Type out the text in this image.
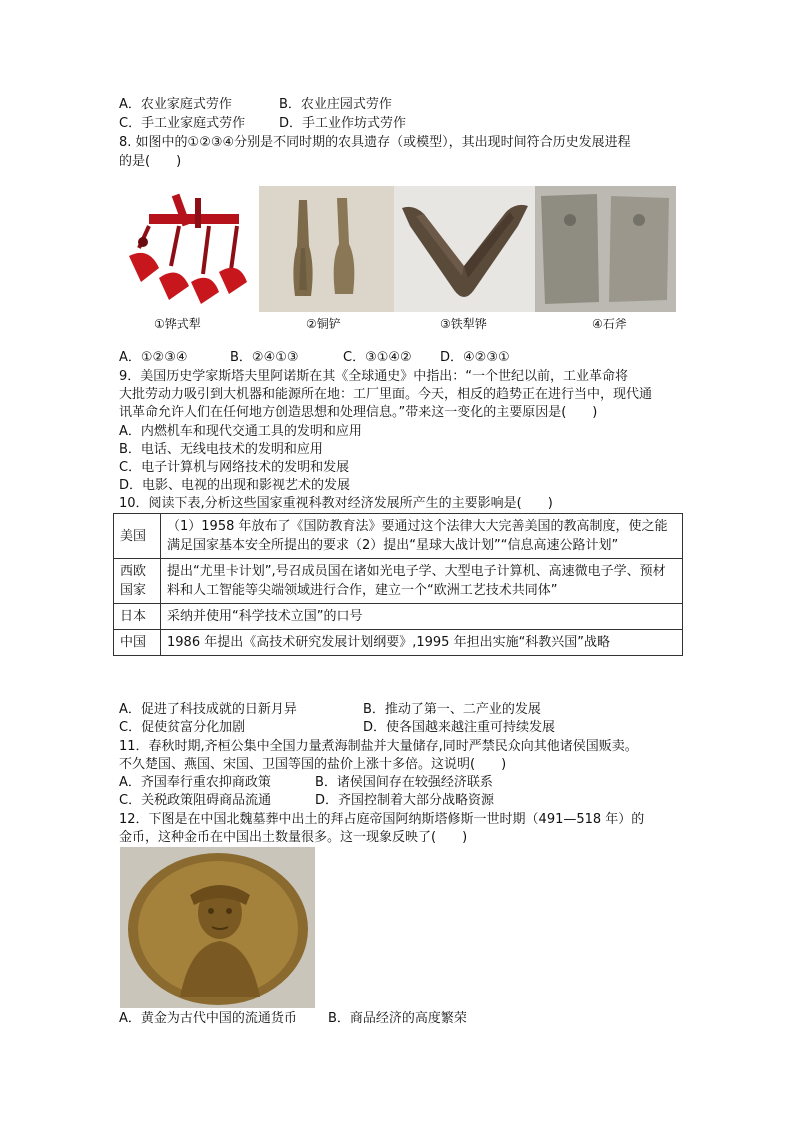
A．农业家庭式劳作	B．农业庄园式劳作
C．手工业家庭式劳作	D．手工业作坊式劳作
8. 如图中的①②③④分别是不同时期的农具遗存（或模型），其出现时间符合历史发展进程
的是(　　)
①铧式犁	②铜铲	③铁犁铧	④石斧
A．①②③④	B．②④①③	C．③①④② D．④②③①
9．美国历史学家斯塔夫里阿诺斯在其《全球通史》中指出：“一个世纪以前，工业革命将
大批劳动力吸引到大机器和能源所在地：工厂里面。今天，相反的趋势正在进行当中，现代通
讯革命允许人们在任何地方创造思想和处理信息。”带来这一变化的主要原因是(　　)
A．内燃机车和现代交通工具的发明和应用
B．电话、无线电技术的发明和应用
C．电子计算机与网络技术的发明和发展
D．电影、电视的出现和影视艺术的发展
10．阅读下表,分析这些国家重视科教对经济发展所产生的主要影响是(　　)
美国	（1）1958 年放布了《国防教育法》要通过这个法律大大完善美国的教高制度，使之能满足国家基本安全所提出的要求（2）提出“星球大战计划”“信息高速公路计划”
西欧国家	提出“尤里卡计划”,号召成员国在诸如光电子学、大型电子计算机、高速微电子学、预材料和人工智能等尖端领域进行合作，建立一个“欧洲工艺技术共同体”
日本	采纳并使用“科学技术立国”的口号
中国	1986 年提出《高技术研究发展计划纲要》,1995 年担出实施“科教兴国”战略
A．促进了科技成就的日新月异	B．推动了第一、二产业的发展
C．促使贫富分化加剧	D．使各国越来越注重可持续发展
11．春秋时期,齐桓公集中全国力量煮海制盐并大量储存,同时严禁民众向其他诸侯国贩卖。
不久楚国、燕国、宋国、卫国等国的盐价上涨十多倍。这说明(　　)
A．齐国奉行重农抑商政策	B．诸侯国间存在较强经济联系
C．关税政策阻碍商品流通	D．齐国控制着大部分战略资源
12．下图是在中国北魏墓葬中出土的拜占庭帝国阿纳斯塔修斯一世时期（491—518 年）的
金币，这种金币在中国出土数量很多。这一现象反映了(　　)
A．黄金为古代中国的流通货币 B．商品经济的高度繁荣
